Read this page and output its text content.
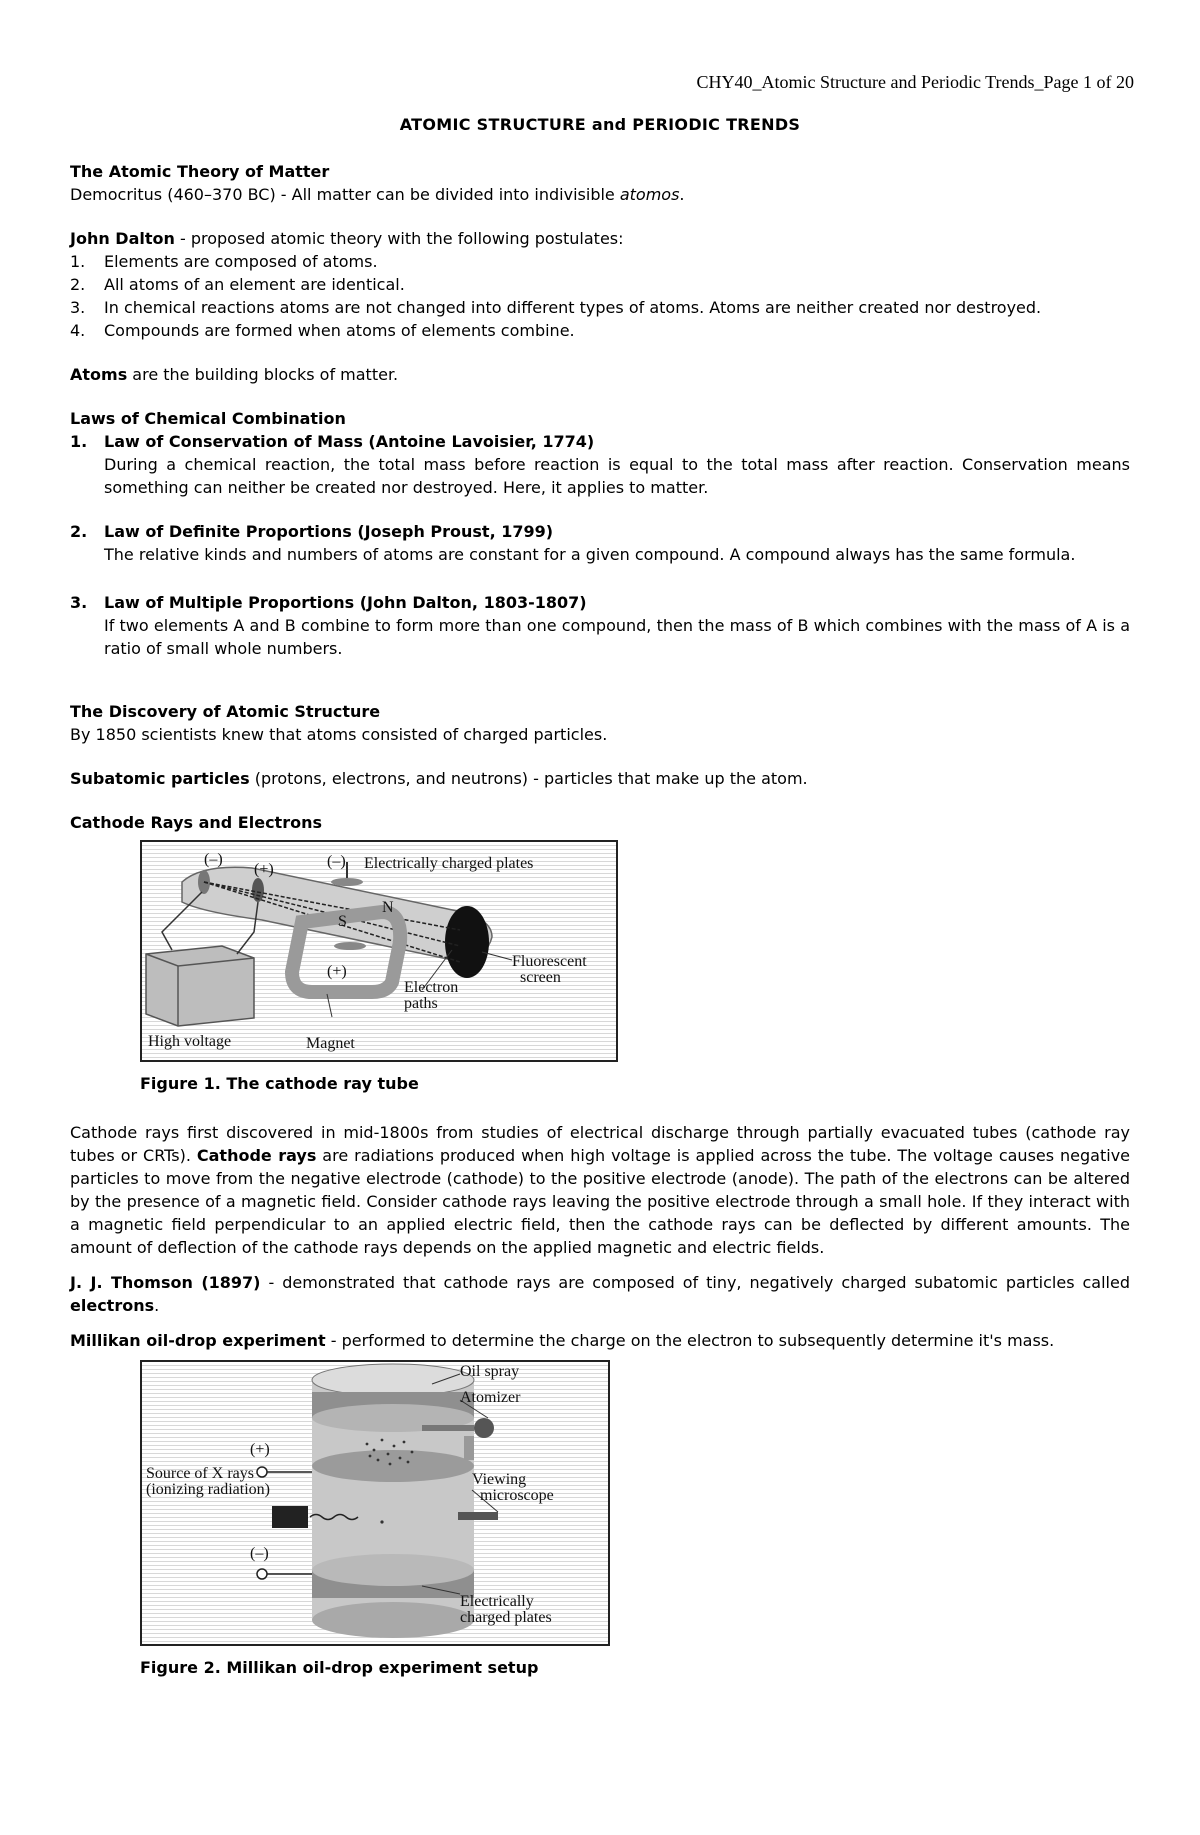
CHY40_Atomic Structure and Periodic Trends_Page 1 of 20
ATOMIC STRUCTURE and PERIODIC TRENDS

The Atomic Theory of Matter

Democritus (460–370 BC) - All matter can be divided into indivisible atomos.

John Dalton - proposed atomic theory with the following postulates:

1.	Elements are composed of atoms.
2.	All atoms of an element are identical.
3.	In chemical reactions atoms are not changed into different types of atoms. Atoms are neither created nor destroyed.
4.	Compounds are formed when atoms of elements combine.

Atoms are the building blocks of matter.

Laws of Chemical Combination

1.	Law of Conservation of Mass (Antoine Lavoisier, 1774)
During a chemical reaction, the total mass before reaction is equal to the total mass after reaction. Conservation means something can neither be created nor destroyed. Here, it applies to matter.
2.	Law of Definite Proportions (Joseph Proust, 1799)
The relative kinds and numbers of atoms are constant for a given compound. A compound always has the same formula.
3.	Law of Multiple Proportions (John Dalton, 1803-1807)
If two elements A and B combine to form more than one compound, then the mass of B which combines with the mass of A is a ratio of small whole numbers.

The Discovery of Atomic Structure

By 1850 scientists knew that atoms consisted of charged particles.

Subatomic particles (protons, electrons, and neutrons) - particles that make up the atom.

Cathode Rays and Electrons

(–)
(+)	(–) Electrically charged plates
S
N
(+)
Fluorescent
screen
Electron
paths
High voltage	Magnet
Figure 1. The cathode ray tube

Cathode rays first discovered in mid-1800s from studies of electrical discharge through partially evacuated tubes (cathode ray tubes or CRTs). Cathode rays are radiations produced when high voltage is applied across the tube. The voltage causes negative particles to move from the negative electrode (cathode) to the positive electrode (anode). The path of the electrons can be altered by the presence of a magnetic field. Consider cathode rays leaving the positive electrode through a small hole. If they interact with a magnetic field perpendicular to an applied electric field, then the cathode rays can be deflected by different amounts. The amount of deflection of the cathode rays depends on the applied magnetic and electric fields.

J. J. Thomson (1897) - demonstrated that cathode rays are composed of tiny, negatively charged subatomic particles called electrons.

Millikan oil-drop experiment - performed to determine the charge on the electron to subsequently determine it's mass.

Oil spray
Atomizer
(+)
Source of X rays
(ionizing radiation)
Viewing
microscope
(–)
Electrically
charged plates
Figure 2. Millikan oil-drop experiment setup
